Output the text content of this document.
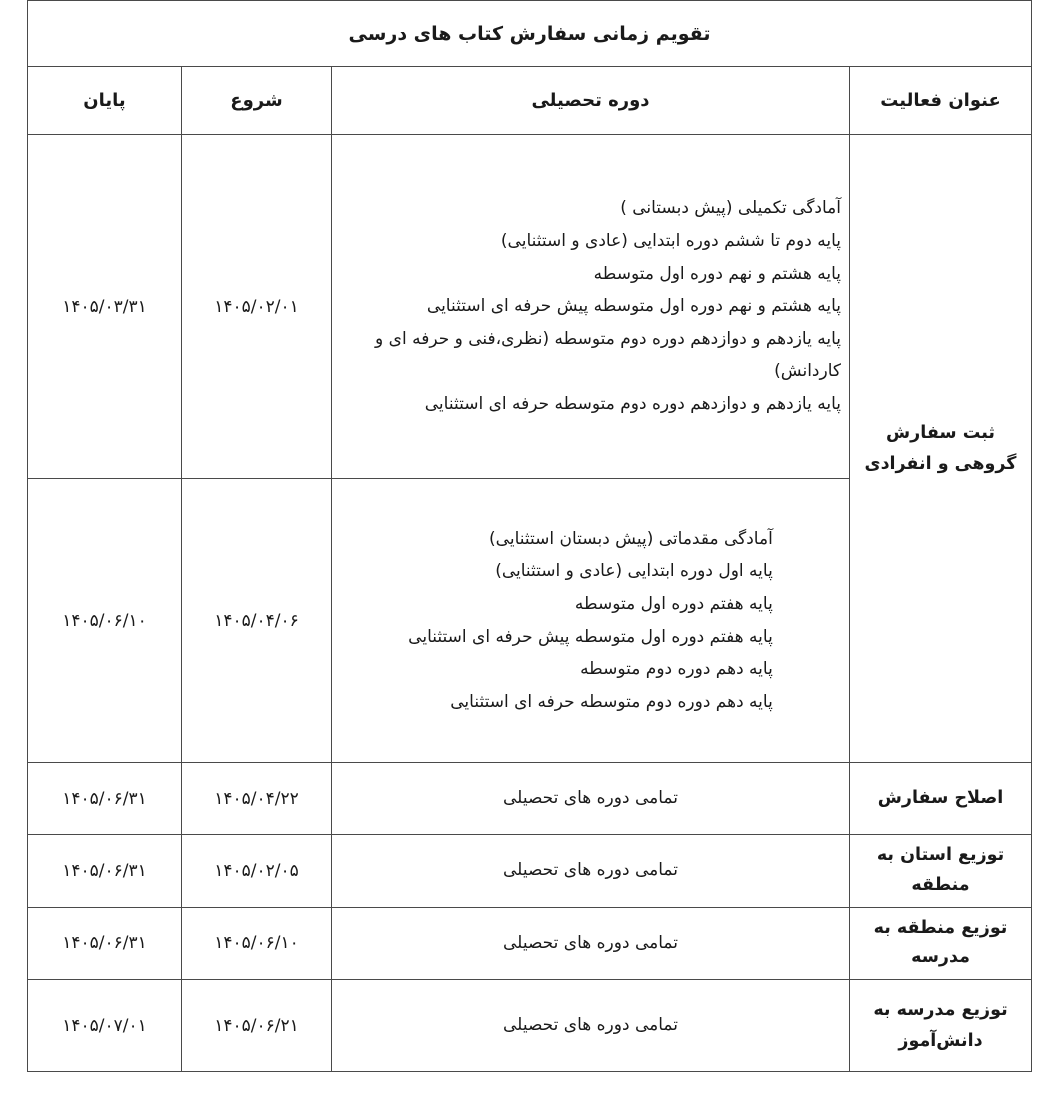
تقویم زمانی سفارش کتاب های درسی			
عنوان فعالیت	دوره تحصیلی	شروع	پایان
ثبت سفارش گروهی و انفرادی	
آمادگی تکمیلی (پیش دبستانی )
پایه دوم تا ششم دوره ابتدایی (عادی و استثنایی)
پایه هشتم و نهم دوره اول متوسطه
پایه هشتم و نهم دوره اول متوسطه پیش حرفه ای استثنایی
پایه یازدهم و دوازدهم دوره دوم متوسطه (نظری،فنی و حرفه ای و کاردانش)
پایه یازدهم و دوازدهم دوره دوم متوسطه حرفه ای استثنایی
	۱۴۰۵/۰۲/۰۱	۱۴۰۵/۰۳/۳۱

آمادگی مقدماتی (پیش دبستان استثنایی)
پایه اول دوره ابتدایی (عادی و استثنایی)
پایه هفتم دوره اول متوسطه
پایه هفتم دوره اول متوسطه پیش حرفه ای استثنایی
پایه دهم دوره دوم متوسطه
پایه دهم دوره دوم متوسطه حرفه ای استثنایی
	۱۴۰۵/۰۴/۰۶	۱۴۰۵/۰۶/۱۰
اصلاح سفارش	تمامی دوره های تحصیلی	۱۴۰۵/۰۴/۲۲	۱۴۰۵/۰۶/۳۱
توزیع استان به منطقه	تمامی دوره های تحصیلی	۱۴۰۵/۰۲/۰۵	۱۴۰۵/۰۶/۳۱
توزیع منطقه به مدرسه	تمامی دوره های تحصیلی	۱۴۰۵/۰۶/۱۰	۱۴۰۵/۰۶/۳۱
توزیع مدرسه به دانش‌آموز	تمامی دوره های تحصیلی	۱۴۰۵/۰۶/۲۱	۱۴۰۵/۰۷/۰۱
